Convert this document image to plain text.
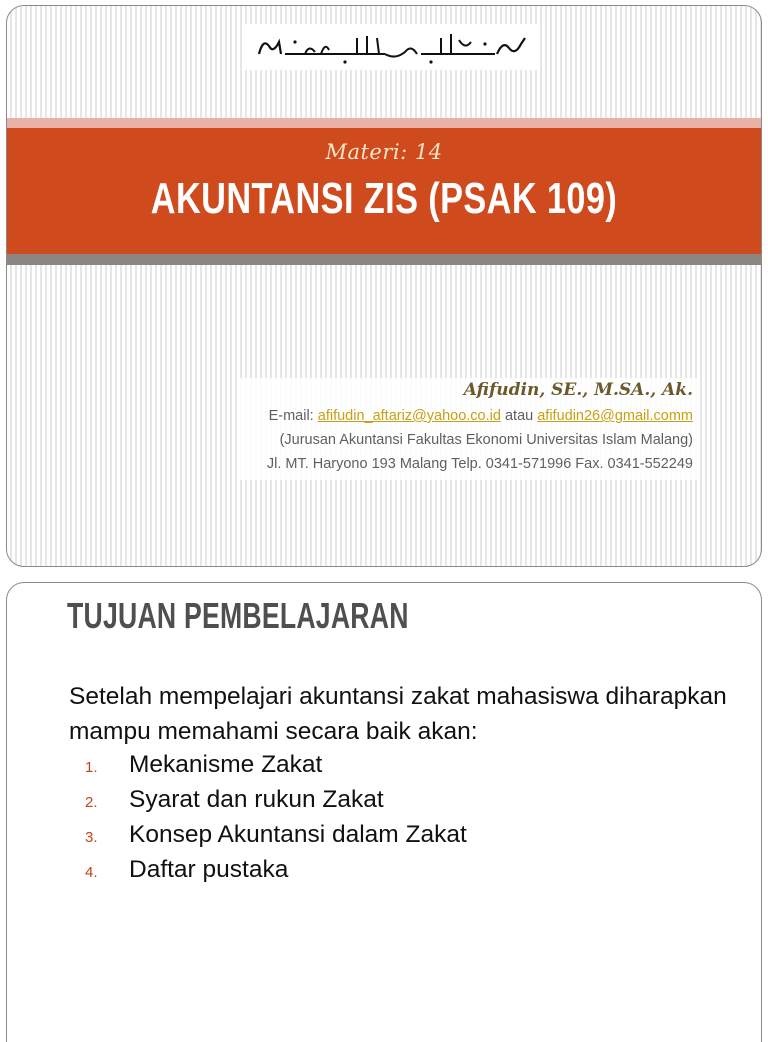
Materi: 14
AKUNTANSI ZIS (PSAK 109)
Afifudin, SE., M.SA., Ak.
E-mail: afifudin_aftariz@yahoo.co.id atau afifudin26@gmail.comm
(Jurusan Akuntansi Fakultas Ekonomi Universitas Islam Malang)
Jl. MT. Haryono 193 Malang Telp. 0341-571996 Fax. 0341-552249
TUJUAN PEMBELAJARAN
Setelah mempelajari akuntansi zakat mahasiswa diharapkan mampu memahami secara baik akan:
1.	Mekanisme Zakat
2.	Syarat dan rukun Zakat
3.	Konsep Akuntansi dalam Zakat
4.	Daftar pustaka
